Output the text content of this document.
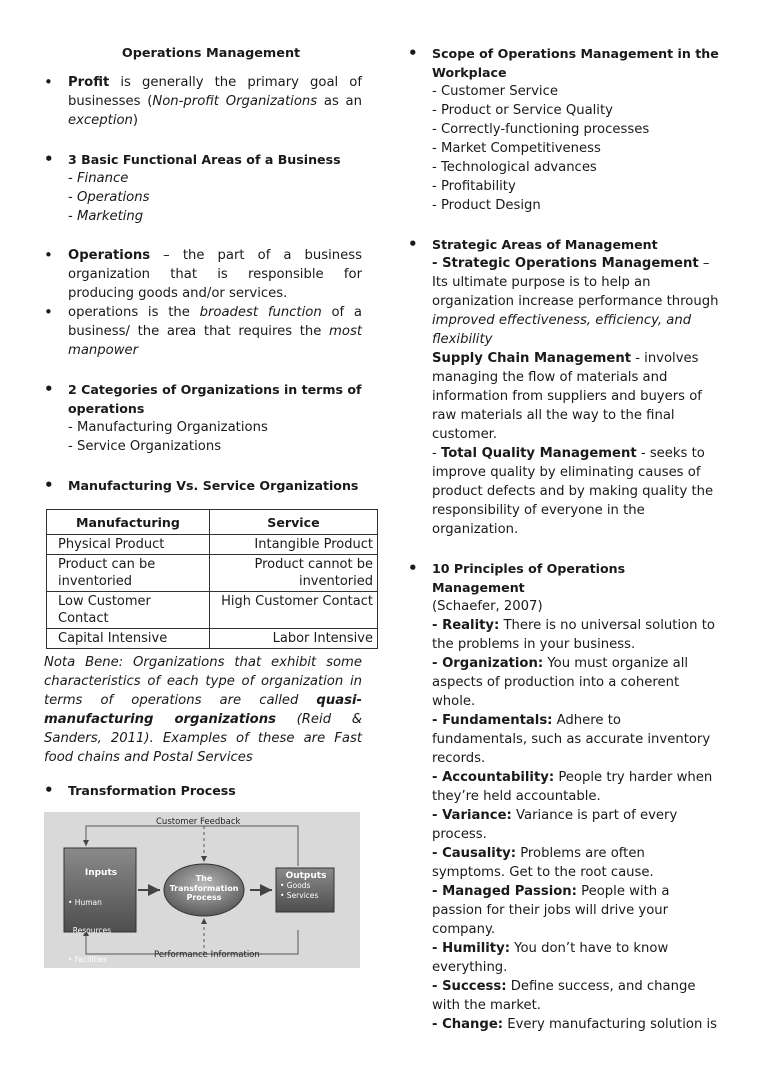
Operations Management
• Profit is generally the primary goal of businesses (Non-profit Organizations as an exception)
• 3 Basic Functional Areas of a Business
- Finance
- Operations
- Marketing
• Operations – the part of a business organization that is responsible for producing goods and/or services.
• operations is the broadest function of a business/ the area that requires the most manpower
• 2 Categories of Organizations in terms of operations
- Manufacturing Organizations
- Service Organizations
• Manufacturing Vs. Service Organizations
Manufacturing	Service
Physical Product	Intangible Product
Product can be inventoried	Product cannot be inventoried
Low Customer Contact	High Customer Contact
Capital Intensive	Labor Intensive
Nota Bene: Organizations that exhibit some characteristics of each type of organization in terms of operations are called quasi-manufacturing organizations (Reid & Sanders, 2011). Examples of these are Fast food chains and Postal Services
• Transformation Process
Customer Feedback
Performance Information

Inputs

• Human

Resources

• Facilities

& Processes

• Technologies

• Materials

The
Transformation
Process
Outputs
• Goods
• Services
• Scope of Operations Management in the Workplace
- Customer Service
- Product or Service Quality
- Correctly-functioning processes
- Market Competitiveness
- Technological advances
- Profitability
- Product Design
• Strategic Areas of Management
- Strategic Operations Management – Its ultimate purpose is to help an organization increase performance through improved effectiveness, efficiency, and flexibility
Supply Chain Management - involves managing the flow of materials and information from suppliers and buyers of raw materials all the way to the final customer.
- Total Quality Management - seeks to improve quality by eliminating causes of product defects and by making quality the responsibility of everyone in the organization.
• 10 Principles of Operations Management
(Schaefer, 2007)
- Reality: There is no universal solution to the problems in your business.
- Organization: You must organize all aspects of production into a coherent whole.
- Fundamentals: Adhere to fundamentals, such as accurate inventory records.
- Accountability: People try harder when they’re held accountable.
- Variance: Variance is part of every process.
- Causality: Problems are often symptoms. Get to the root cause.
- Managed Passion: People with a passion for their jobs will drive your company.
- Humility: You don’t have to know everything.
- Success: Define success, and change with the market.
- Change: Every manufacturing solution is
